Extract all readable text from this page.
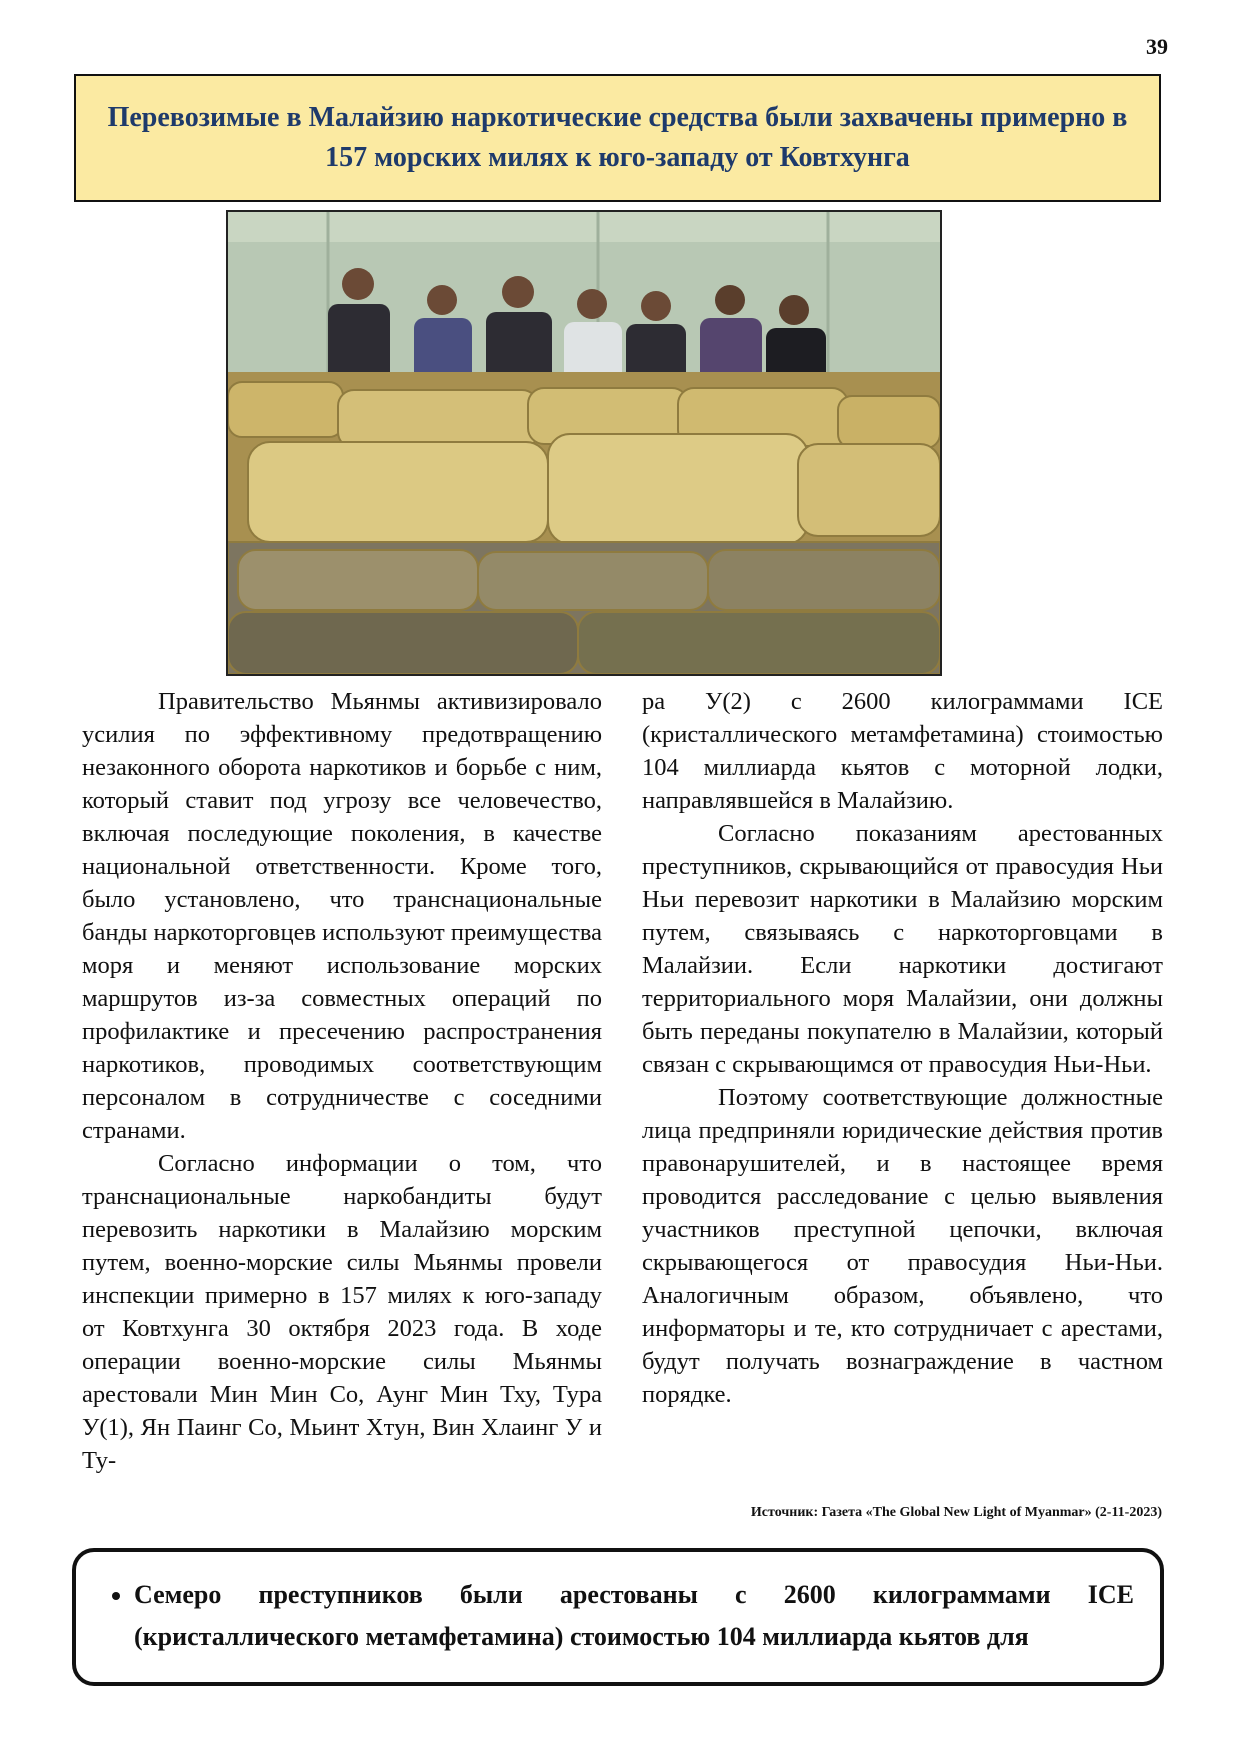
39
Перевозимые в Малайзию наркотические средства были захвачены примерно в 157 морских милях к юго-западу от Ковтхунга

Правительство Мьянмы активизировало усилия по эффективному предотвращению незаконного оборота наркотиков и борьбе с ним, который ставит под угрозу все человечество, включая последующие поколения, в качестве национальной ответственности. Кроме того, было установлено, что транснациональные банды наркоторговцев используют преимущества моря и меняют использование морских маршрутов из-за совместных операций по профилактике и пресечению распространения наркотиков, проводимых соответствующим персоналом в сотрудничестве с соседними странами.

Согласно информации о том, что транснациональные наркобандиты будут перевозить наркотики в Малайзию морским путем, военно-морские силы Мьянмы провели инспекции примерно в 157 милях к юго-западу от Ковтхунга 30 октября 2023 года. В ходе операции военно-морские силы Мьянмы арестовали Мин Мин Со, Аунг Мин Тху, Тура У(1), Ян Паинг Со, Мьинт Хтун, Вин Хлаинг У и Ту-

ра У(2) с 2600 килограммами ICE (кристаллического метамфетамина) стоимостью 104 миллиарда кьятов с моторной лодки, направлявшейся в Малайзию.

Согласно показаниям арестованных преступников, скрывающийся от правосудия Ньи Ньи перевозит наркотики в Малайзию морским путем, связываясь с наркоторговцами в Малайзии. Если наркотики достигают территориального моря Малайзии, они должны быть переданы покупателю в Малайзии, который связан с скрывающимся от правосудия Ньи-Ньи.

Поэтому соответствующие должностные лица предприняли юридические действия против правонарушителей, и в настоящее время проводится расследование с целью выявления участников преступной цепочки, включая скрывающегося от правосудия Ньи-Ньи. Аналогичным образом, объявлено, что информаторы и те, кто сотрудничает с арестами, будут получать вознаграждение в частном порядке.

Источник: Газета «The Global New Light of Myanmar» (2-11-2023)
• Семеро преступников были арестованы с 2600 килограммами ICE (кристаллического метамфетамина) стоимостью 104 миллиарда кьятов для
